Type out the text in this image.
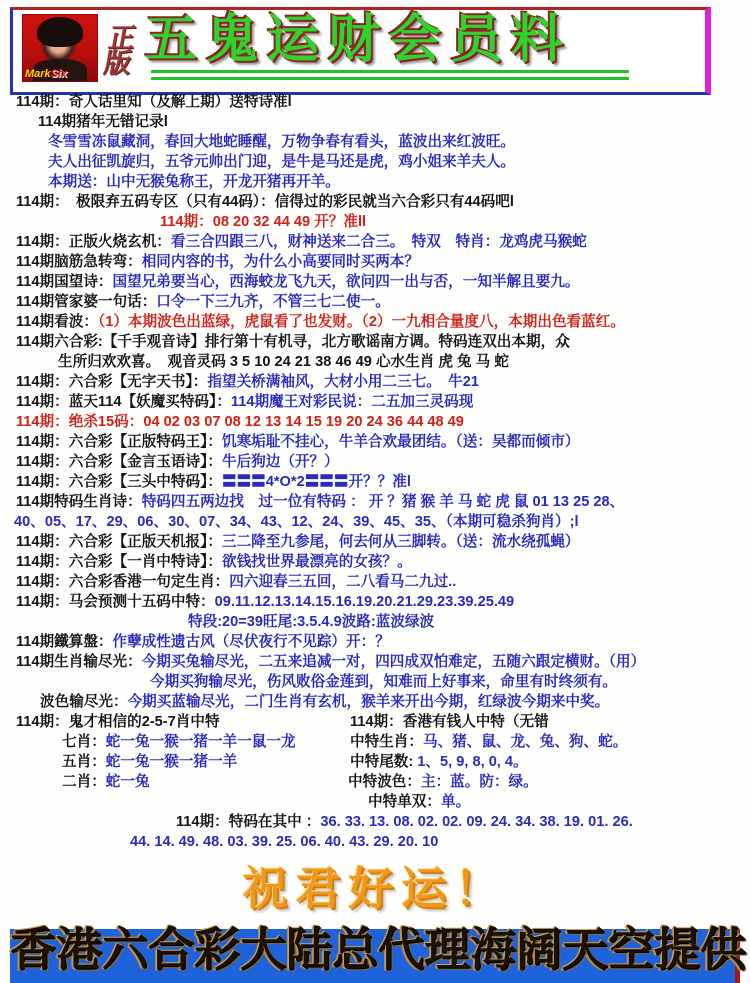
MarkSix
正版 五鬼运财会员料
114期：奇人话里知（及解上期）送特诗准l
114期猪年无错记录l
冬雪雪冻鼠藏洞，春回大地蛇睡醒，万物争春有看头，蓝波出来红波旺。
夫人出征凯旋归，五爷元帅出门迎，是牛是马还是虎，鸡小姐来羊夫人。
本期送：山中无猴兔称王，开龙开猪再开羊。
114期：　极限弃五码专区（只有44码）：信得过的彩民就当六合彩只有44码吧l
114期：08 20 32 44 49 开？准ll
114期：正版火烧玄机：看三合四跟三八，财神送来二合三。　特双　特肖：龙鸡虎马猴蛇
114期脑筋急转弯：相同内容的书，为什么小高要同时买两本？
114期国望诗：国望兄弟要当心，西海蛟龙飞九天，欲问四一出与否，一知半解且要九。
114期管家婆一句话：口令一下三九齐，不管三七二使一。
114期看波：（1）本期波色出蓝绿，虎鼠看了也发财。（2）一九相合量度八，本期出色看蓝红。
114期六合彩:【千手观音诗】排行第十有机寻，北方歌谣南方调。特码连双出本期，众
生所归欢欢喜。　观音灵码 3 5 10 24 21 38 46 49 心水生肖 虎 兔 马 蛇
114期：六合彩【无字天书】：指望关桥满袖风，大材小用二三七。　牛21
114期：蓝天114【妖魔买特码】：114期魔王对彩民说：二五加三灵码现
114期：绝杀15码：04 02 03 07 08 12 13 14 15 19 20 24 36 44 48 49
114期：六合彩【正版特码王】：饥寒垢耻不挂心，牛羊合欢最团结。（送：吴都而倾市）
114期：六合彩【金言玉语诗】：牛后狗边（开？）
114期：六合彩【三头中特码】：〓〓〓4*O*2〓〓〓开？？准l
114期特码生肖诗：特码四五两边找　过一位有特码 ： 开 ？猪 猴 羊 马 蛇 虎 鼠 01 13 25 28、
40、05、17、29、06、30、07、34、43、12、24、39、45、35、（本期可稳杀狗肖）;l
114期：六合彩【正版天机报】：三二降至九参尾，何去何从三脚转。（送：流水绕孤蝇）
114期：六合彩【一肖中特诗】：欲钱找世界最漂亮的女孩？。
114期：六合彩香港一句定生肖：四六迎春三五回，二八看马二九过..
114期：马会预测十五码中特：09.11.12.13.14.15.16.19.20.21.29.23.39.25.49
特段:20=39旺尾:3.5.4.9波路:蓝波绿波
114期鐵算盤：作孽成性遗古风（尽伏夜行不见踪）开：？
114期生肖输尽光：今期买兔输尽光，二五来追减一对，四四成双怕难定，五随六跟定横财。（用）
今期买狗输尽光，伤风败俗金莲到，知难而上好事来，命里有时终须有。
波色输尽光：今期买蓝输尽光，二门生肖有玄机，猴羊来开出今期，红绿波今期来中奖。
114期：鬼才相信的2-5-7肖中特	114期：香港有钱人中特（无错
七肖：蛇一兔一猴一猪一羊一鼠一龙	中特生肖：马、猪、鼠、龙、兔、狗、蛇。
五肖：蛇一兔一猴一猪一羊	中特尾数: 1、5, 9, 8, 0, 4。
二肖：蛇一兔	中特波色：主：蓝。防：绿。
中特单双：单。
114期：特码在其中 ：36. 33. 13. 08. 02. 02. 09. 24. 34. 38. 19. 01. 26.
44. 14. 49. 48. 03. 39. 25. 06. 40. 43. 29. 20. 10
祝君好运！
香港六合彩大陆总代理海阔天空提供
